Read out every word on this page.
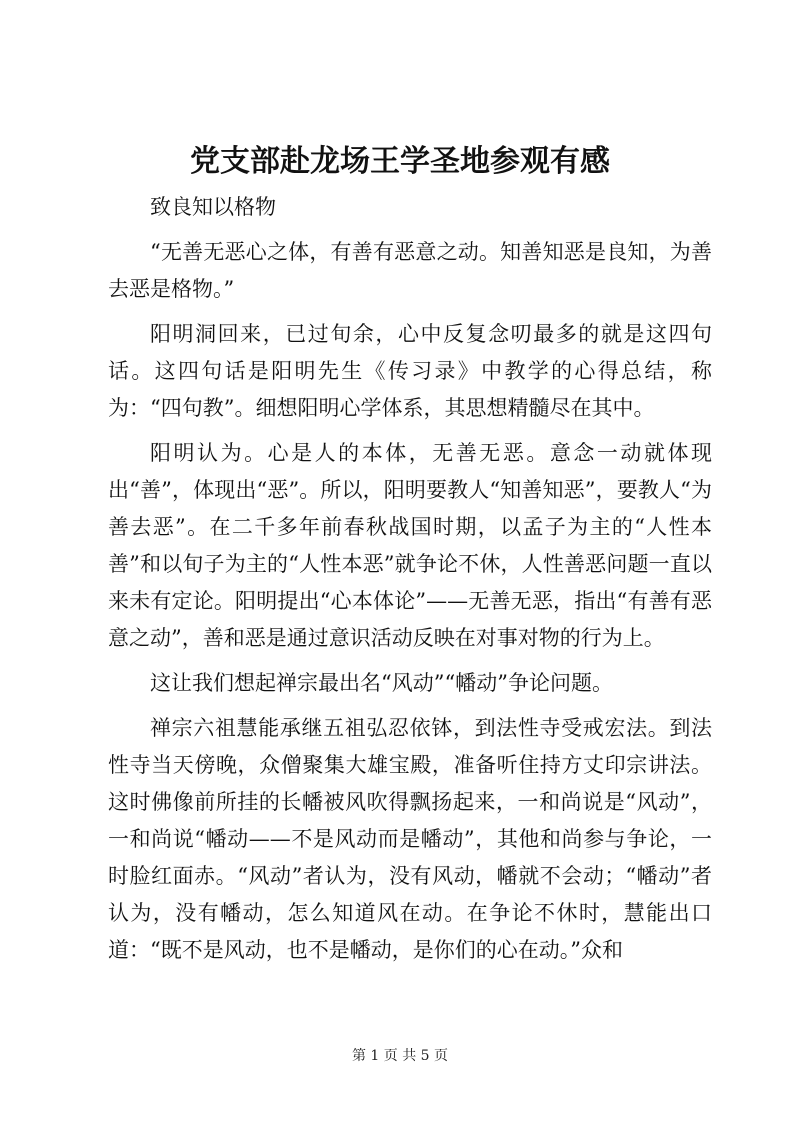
党支部赴龙场王学圣地参观有感

致良知以格物

“无善无恶心之体，有善有恶意之动。知善知恶是良知，为善去恶是格物。”

阳明洞回来，已过旬余，心中反复念叨最多的就是这四句话。这四句话是阳明先生《传习录》中教学的心得总结，称为：“四句教”。细想阳明心学体系，其思想精髓尽在其中。

阳明认为。心是人的本体，无善无恶。意念一动就体现出“善”，体现出“恶”。所以，阳明要教人“知善知恶”，要教人“为善去恶”。在二千多年前春秋战国时期，以孟子为主的“人性本善”和以旬子为主的“人性本恶”就争论不休，人性善恶问题一直以来未有定论。阳明提出“心本体论”——无善无恶，指出“有善有恶意之动”，善和恶是通过意识活动反映在对事对物的行为上。

这让我们想起禅宗最出名“风动”“幡动”争论问题。

禅宗六祖慧能承继五祖弘忍依钵，到法性寺受戒宏法。到法性寺当天傍晚，众僧聚集大雄宝殿，准备听住持方丈印宗讲法。这时佛像前所挂的长幡被风吹得飘扬起来，一和尚说是“风动”，一和尚说“幡动——不是风动而是幡动”，其他和尚参与争论，一时脸红面赤。“风动”者认为，没有风动，幡就不会动；“幡动”者认为，没有幡动，怎么知道风在动。在争论不休时，慧能出口道：“既不是风动，也不是幡动，是你们的心在动。”众和

第 1 页 共 5 页
